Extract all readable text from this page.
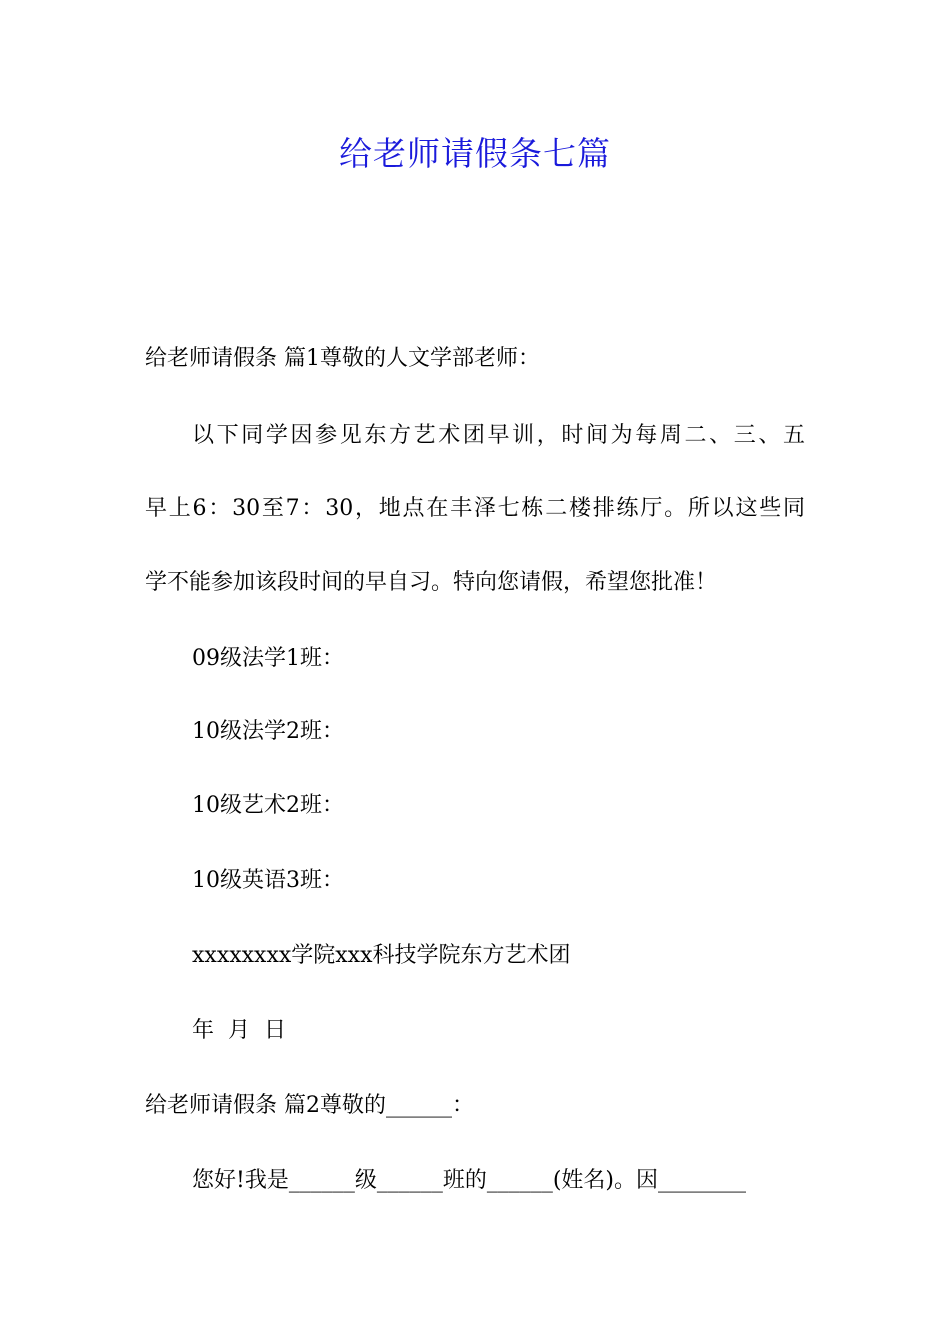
给老师请假条七篇
给老师请假条 篇1尊敬的人文学部老师：
以下同学因参见东方艺术团早训，时间为每周二、三、五
早上6：30至7：30，地点在丰泽七栋二楼排练厅。所以这些同
学不能参加该段时间的早自习。特向您请假，希望您批准！
09级法学1班：
10级法学2班：
10级艺术2班：
10级英语3班：
xxxxxxxx学院xxx科技学院东方艺术团
年  月  日
给老师请假条 篇2尊敬的______：
您好!我是______级______班的______(姓名)。因________
